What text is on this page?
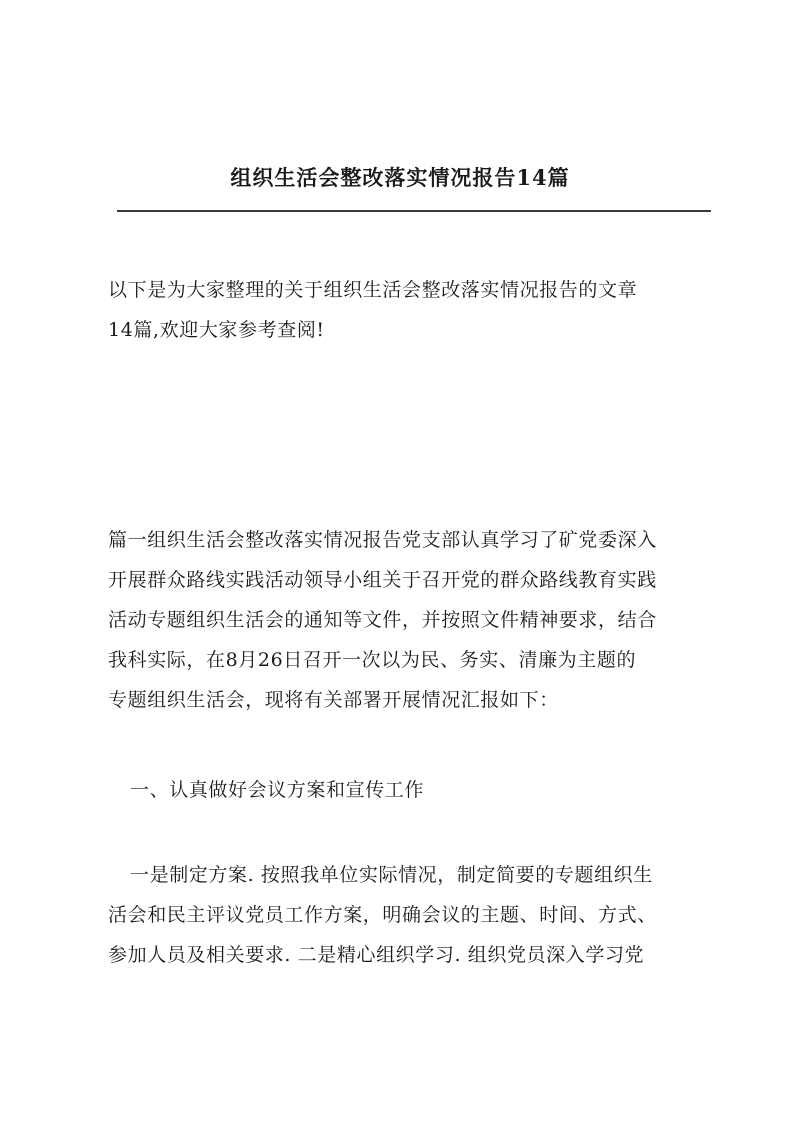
组织生活会整改落实情况报告14篇
以下是为大家整理的关于组织生活会整改落实情况报告的文章
14篇,欢迎大家参考查阅!
篇一组织生活会整改落实情况报告党支部认真学习了矿党委深入
开展群众路线实践活动领导小组关于召开党的群众路线教育实践
活动专题组织生活会的通知等文件，并按照文件精神要求，结合
我科实际，在8月26日召开一次以为民、务实、清廉为主题的
专题组织生活会，现将有关部署开展情况汇报如下：
一、认真做好会议方案和宣传工作
一是制定方案. 按照我单位实际情况，制定简要的专题组织生
活会和民主评议党员工作方案，明确会议的主题、时间、方式、
参加人员及相关要求. 二是精心组织学习. 组织党员深入学习党
